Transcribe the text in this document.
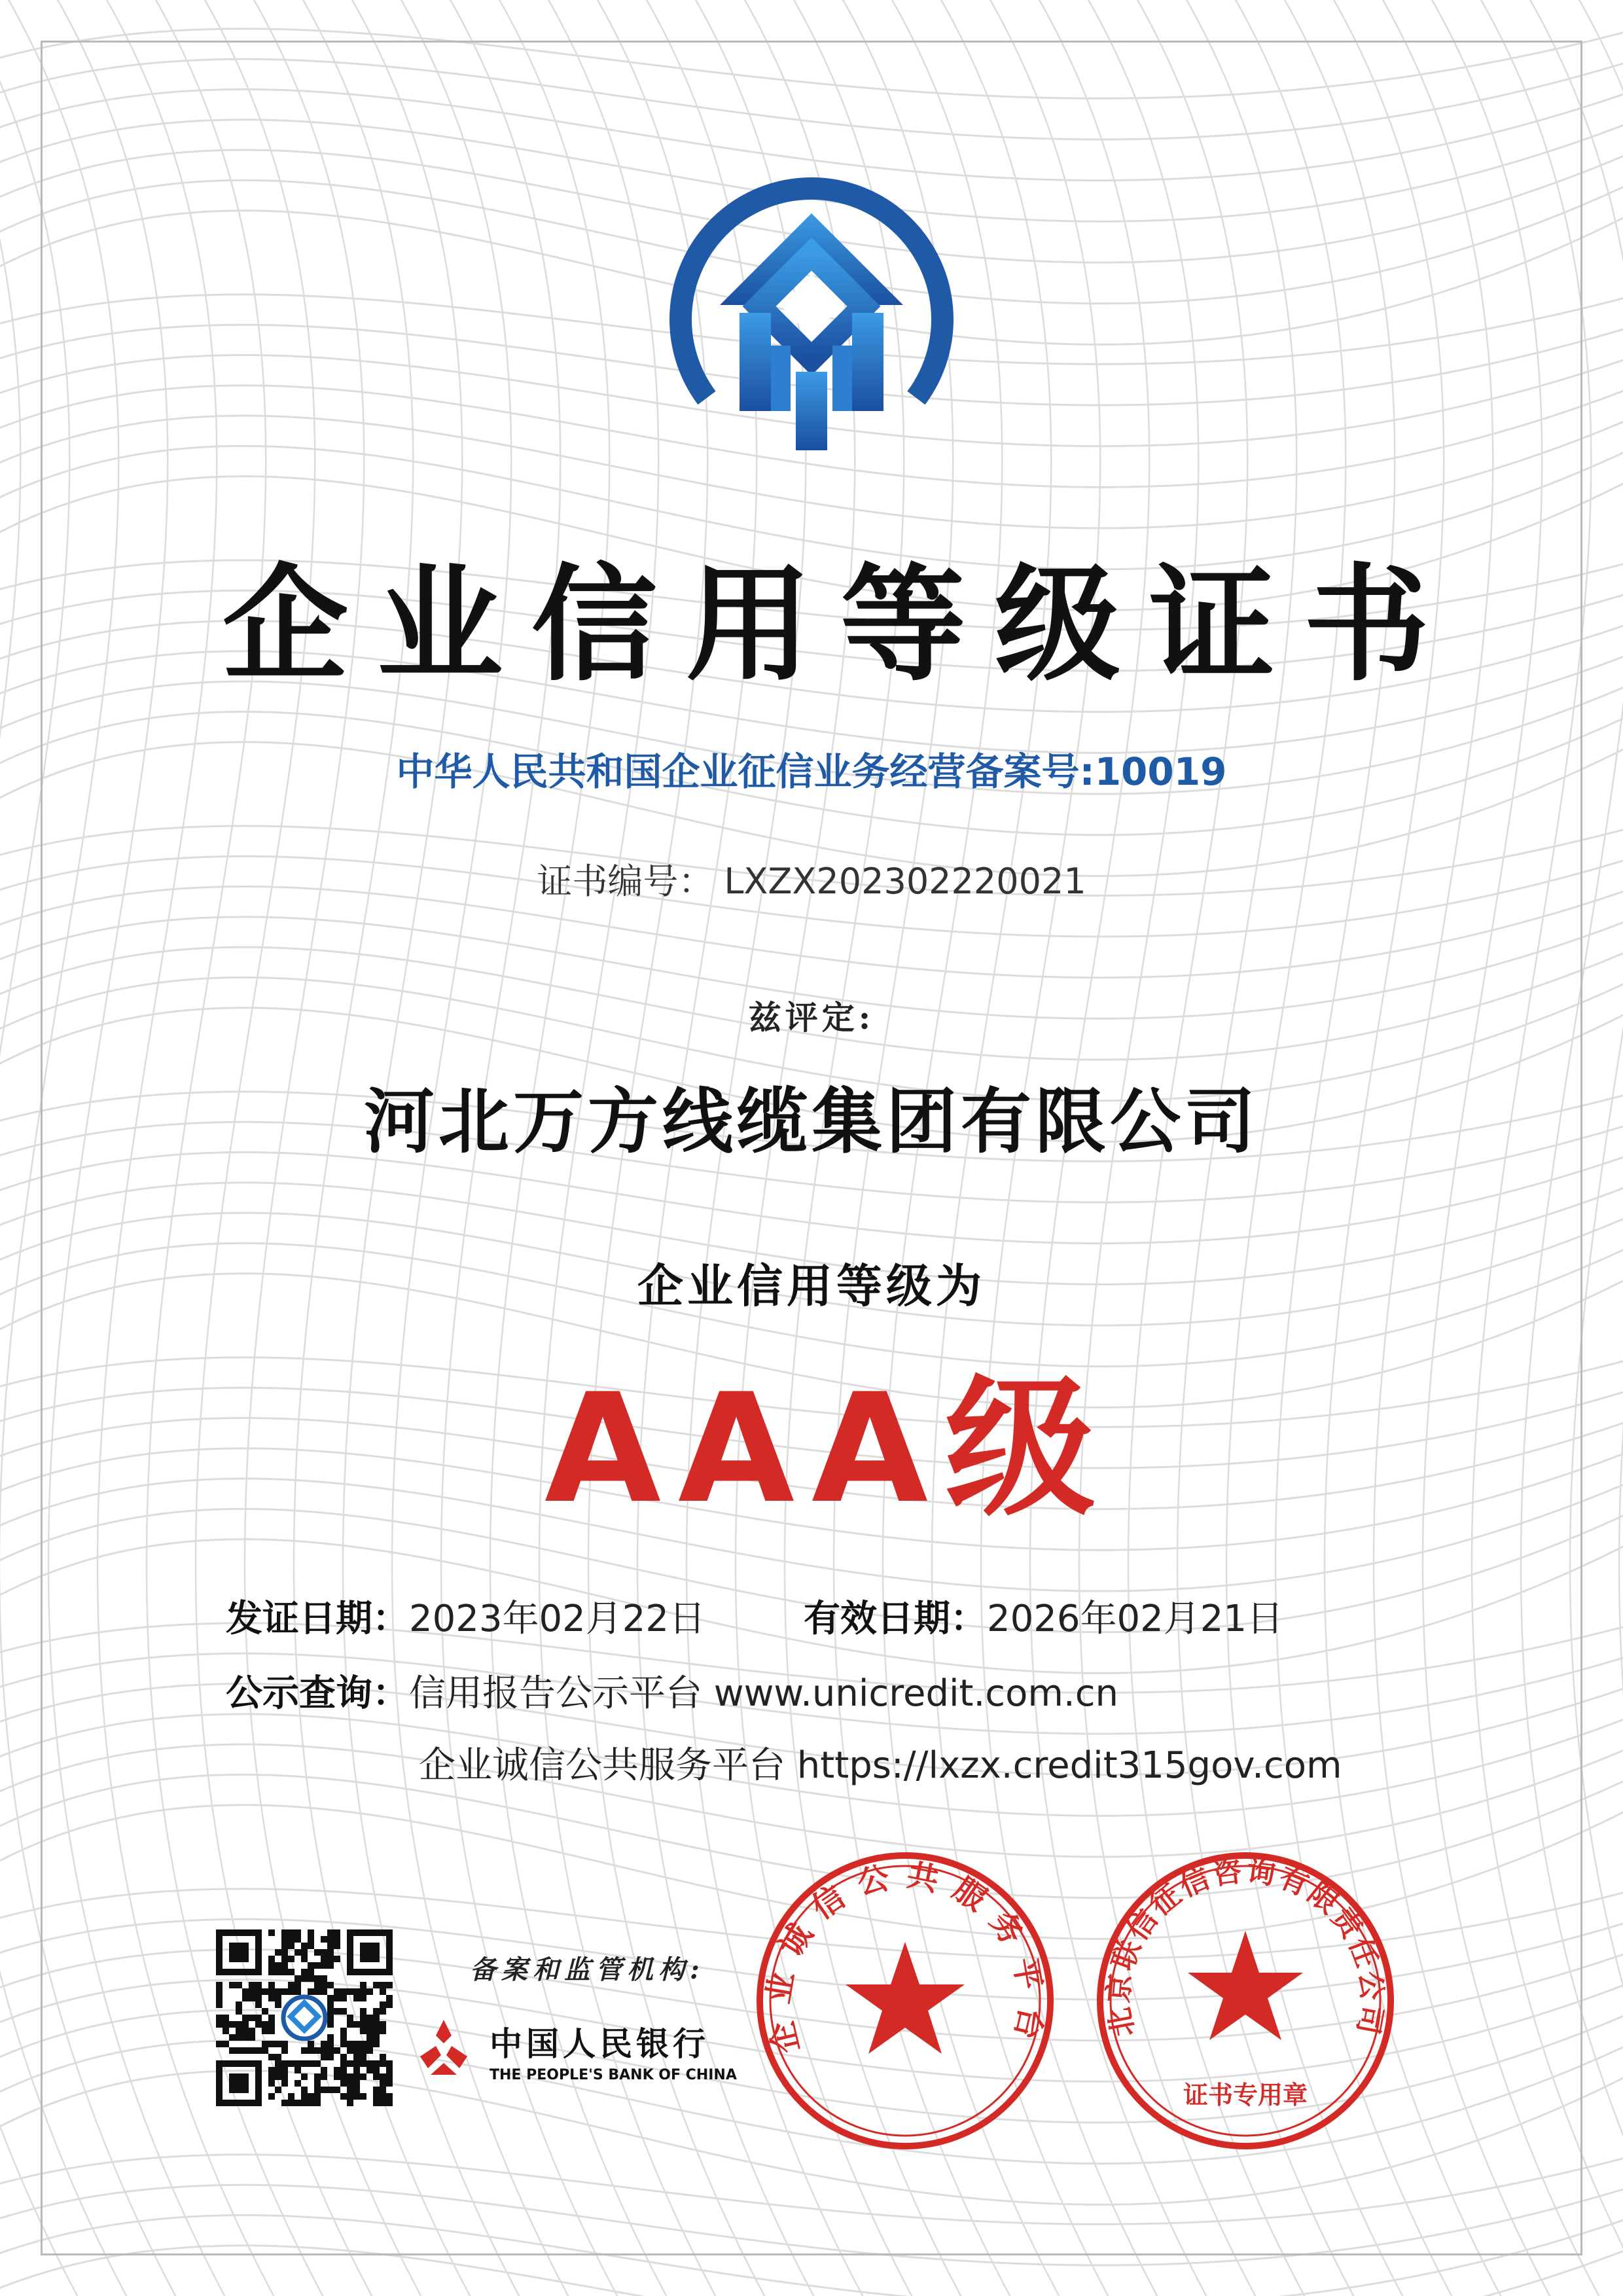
企业信用等级证书
中华人民共和国企业征信业务经营备案号:10019
证书编号： LXZX202302220021
兹评定:
河北万方线缆集团有限公司
企业信用等级为
AAA级
发证日期：2023年02月22日	有效日期：2026年02月21日
公示查询：信用报告公示平台 www.unicredit.com.cn
企业诚信公共服务平台 https://lxzx.credit315gov.com
备案和监管机构:
中国人民银行
THE PEOPLE'S BANK OF CHINA
企业诚信公共服务平台 北京联信征信咨询有限责任公司
证书专用章
